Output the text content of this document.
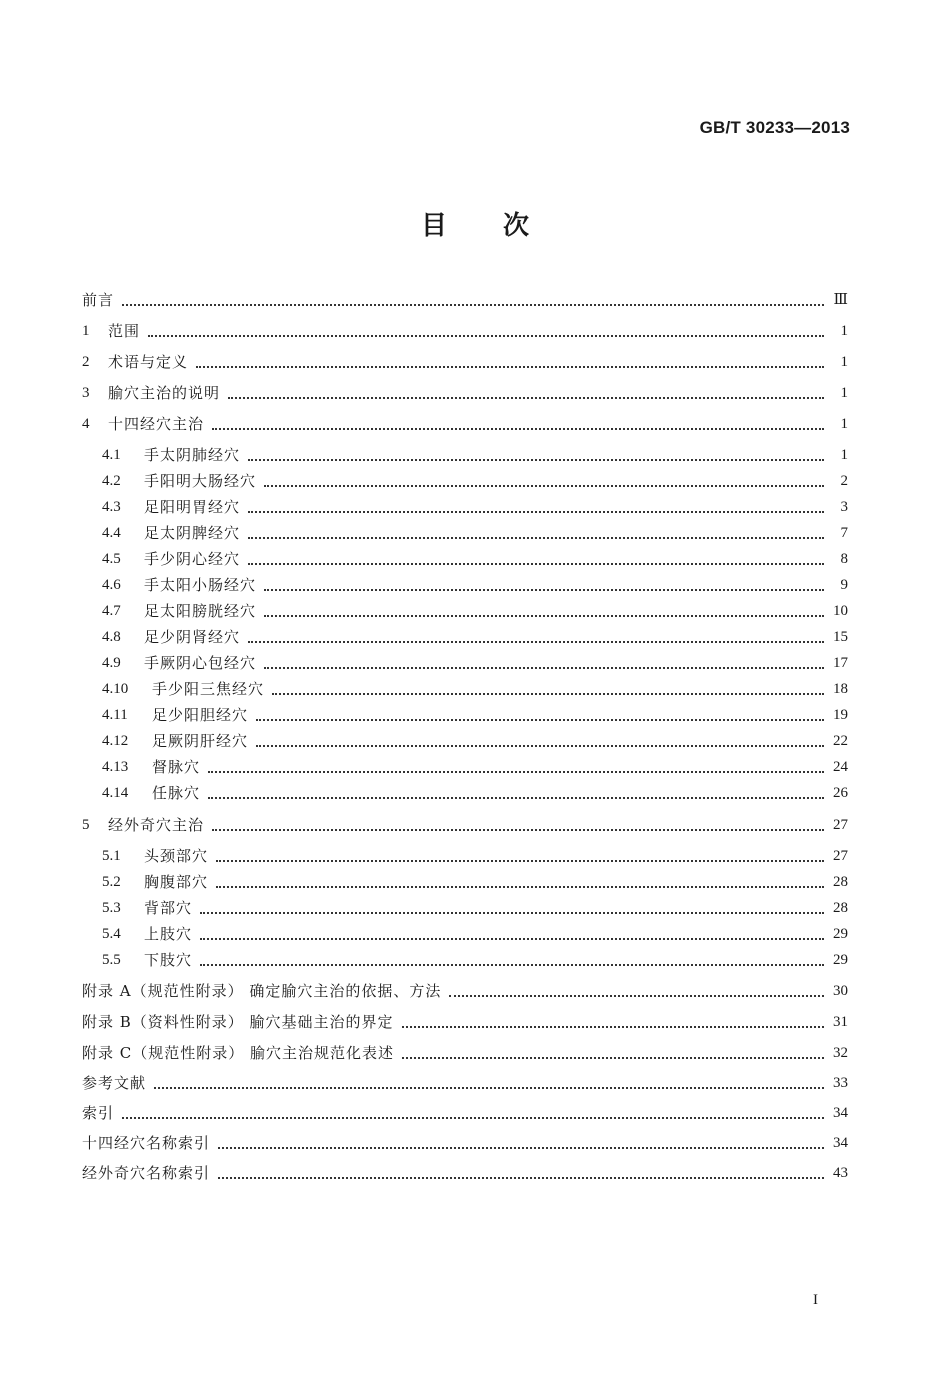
GB/T 30233—2013
目 次
前言	Ⅲ
1	范围	1
2	术语与定义	1
3	腧穴主治的说明	1
4	十四经穴主治	1
4.1	手太阴肺经穴	1
4.2	手阳明大肠经穴	2
4.3	足阳明胃经穴	3
4.4	足太阴脾经穴	7
4.5	手少阴心经穴	8
4.6	手太阳小肠经穴	9
4.7	足太阳膀胱经穴	10
4.8	足少阴肾经穴	15
4.9	手厥阴心包经穴	17
4.10	手少阳三焦经穴	18
4.11	足少阳胆经穴	19
4.12	足厥阴肝经穴	22
4.13	督脉穴	24
4.14	任脉穴	26
5	经外奇穴主治	27
5.1	头颈部穴	27
5.2	胸腹部穴	28
5.3	背部穴	28
5.4	上肢穴	29
5.5	下肢穴	29
附录 A（规范性附录） 确定腧穴主治的依据、方法	30
附录 B（资料性附录） 腧穴基础主治的界定	31
附录 C（规范性附录） 腧穴主治规范化表述	32
参考文献	33
索引	34
十四经穴名称索引	34
经外奇穴名称索引	43
I
